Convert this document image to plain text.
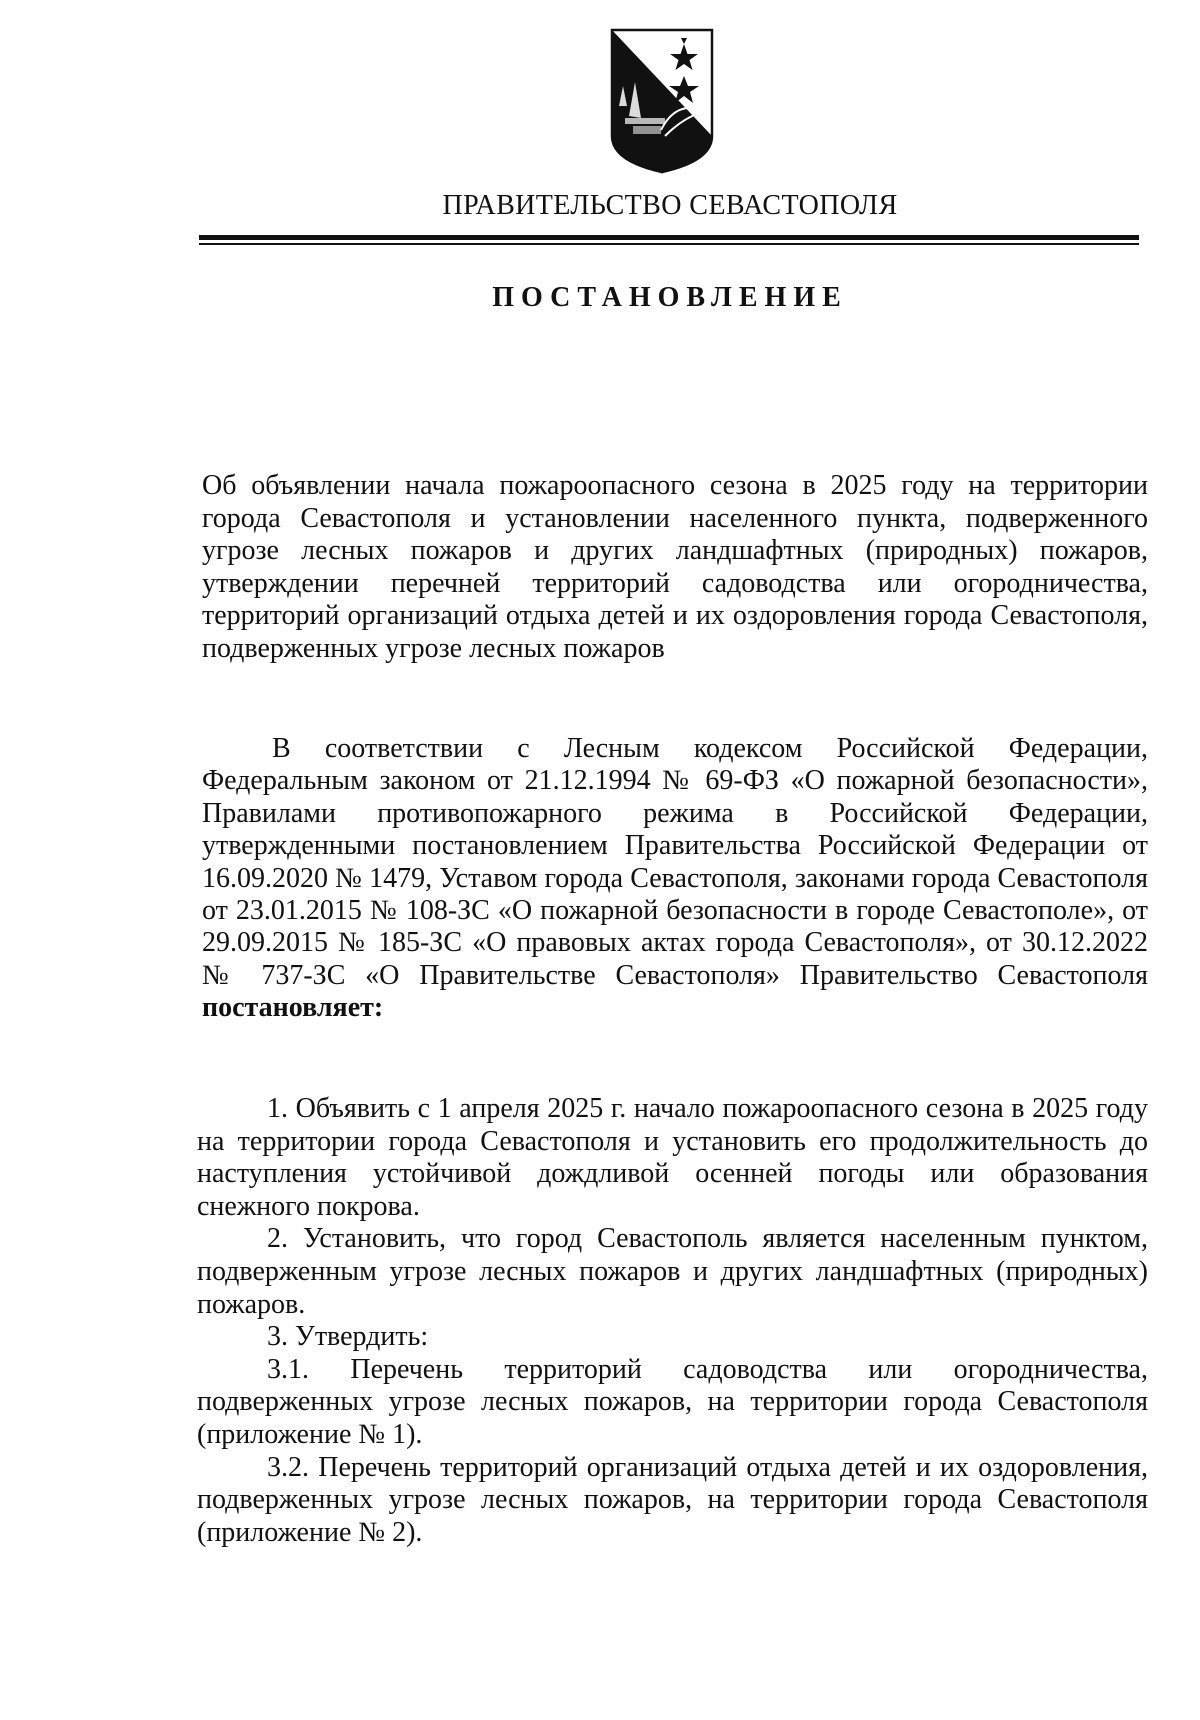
ПРАВИТЕЛЬСТВО СЕВАСТОПОЛЯ
ПОСТАНОВЛЕНИЕ
Об объявлении начала пожароопасного сезона в 2025 году на территории города Севастополя и установлении населенного пункта, подверженного угрозе лесных пожаров и других ландшафтных (природных) пожаров, утверждении перечней территорий садоводства или огородничества, территорий организаций отдыха детей и их оздоровления города Севастополя, подверженных угрозе лесных пожаров
В соответствии с Лесным кодексом Российской Федерации, Федеральным законом от 21.12.1994 № 69-ФЗ «О пожарной безопасности», Правилами противопожарного режима в Российской Федерации, утвержденными постановлением Правительства Российской Федерации от 16.09.2020 № 1479, Уставом города Севастополя, законами города Севастополя от 23.01.2015 № 108-ЗС «О пожарной безопасности в городе Севастополе», от 29.09.2015 № 185-ЗС «О правовых актах города Севастополя», от 30.12.2022 № 737-ЗС «О Правительстве Севастополя» Правительство Севастополя постановляет:

1. Объявить с 1 апреля 2025 г. начало пожароопасного сезона в 2025 году на территории города Севастополя и установить его продолжительность до наступления устойчивой дождливой осенней погоды или образования снежного покрова.

2. Установить, что город Севастополь является населенным пунктом, подверженным угрозе лесных пожаров и других ландшафтных (природных) пожаров.

3. Утвердить:

3.1. Перечень территорий садоводства или огородничества, подверженных угрозе лесных пожаров, на территории города Севастополя (приложение № 1).

3.2. Перечень территорий организаций отдыха детей и их оздоровления, подверженных угрозе лесных пожаров, на территории города Севастополя (приложение № 2).
